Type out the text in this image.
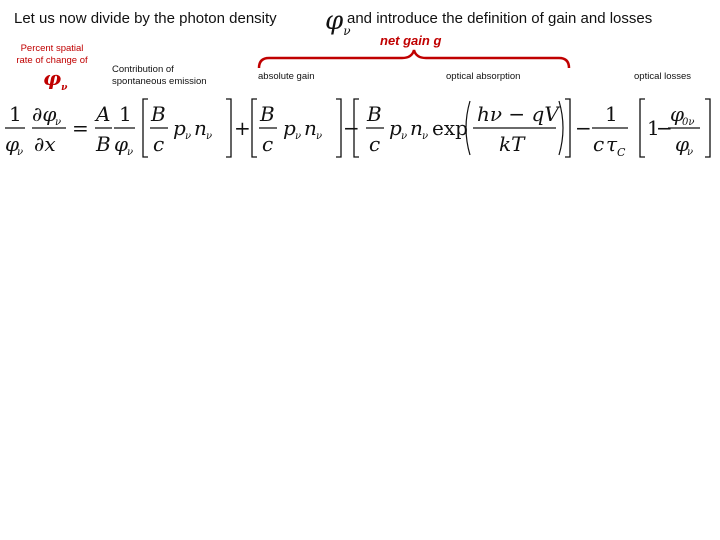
Let us now divide by the photon density $\varphi_\nu$
and introduce the definition of gain and losses
net gain g
Percent spatial
rate of change of
$\varphi_\nu$
Contribution of
spontaneous emission	absolute gain	optical absorption	optical losses
1
φ
ν
∂φ
ν
∂x
=
A
B
1
φ
ν
B
c
p ν n ν +
B
c
p ν n ν −
B
c
p ν n ν exp
hν − qV
kT
−
1
c τ C
1
−
φ
0ν
φ
ν
